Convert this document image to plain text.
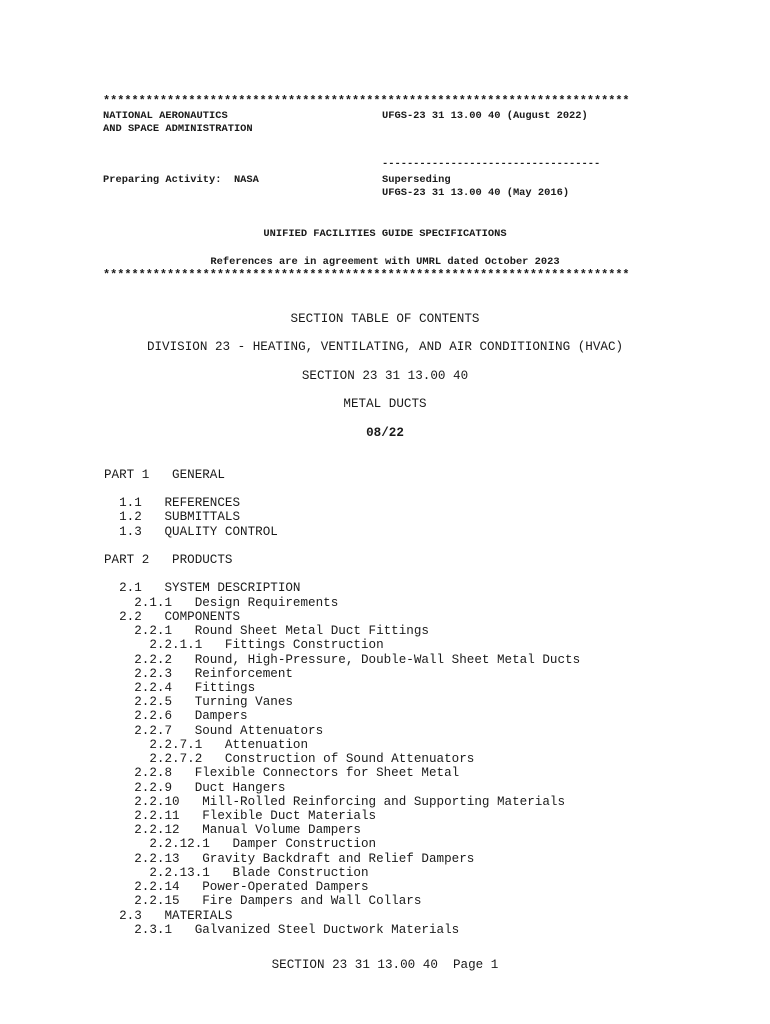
**************************************************************************
NATIONAL AERONAUTICS
AND SPACE ADMINISTRATION
UFGS-23 31 13.00 40 (August 2022)
-----------------------------------
Preparing Activity:  NASA	Superseding
UFGS-23 31 13.00 40 (May 2016)
UNIFIED FACILITIES GUIDE SPECIFICATIONS
References are in agreement with UMRL dated October 2023
**************************************************************************
SECTION TABLE OF CONTENTS
DIVISION 23 - HEATING, VENTILATING, AND AIR CONDITIONING (HVAC)
SECTION 23 31 13.00 40
METAL DUCTS
08/22
PART 1   GENERAL
1.1   REFERENCES
1.2   SUBMITTALS
1.3   QUALITY CONTROL
PART 2   PRODUCTS
2.1   SYSTEM DESCRIPTION
2.1.1   Design Requirements
2.2   COMPONENTS
2.2.1   Round Sheet Metal Duct Fittings
2.2.1.1   Fittings Construction
2.2.2   Round, High-Pressure, Double-Wall Sheet Metal Ducts
2.2.3   Reinforcement
2.2.4   Fittings
2.2.5   Turning Vanes
2.2.6   Dampers
2.2.7   Sound Attenuators
2.2.7.1   Attenuation
2.2.7.2   Construction of Sound Attenuators
2.2.8   Flexible Connectors for Sheet Metal
2.2.9   Duct Hangers
2.2.10   Mill-Rolled Reinforcing and Supporting Materials
2.2.11   Flexible Duct Materials
2.2.12   Manual Volume Dampers
2.2.12.1   Damper Construction
2.2.13   Gravity Backdraft and Relief Dampers
2.2.13.1   Blade Construction
2.2.14   Power-Operated Dampers
2.2.15   Fire Dampers and Wall Collars
2.3   MATERIALS
2.3.1   Galvanized Steel Ductwork Materials
SECTION 23 31 13.00 40  Page 1
